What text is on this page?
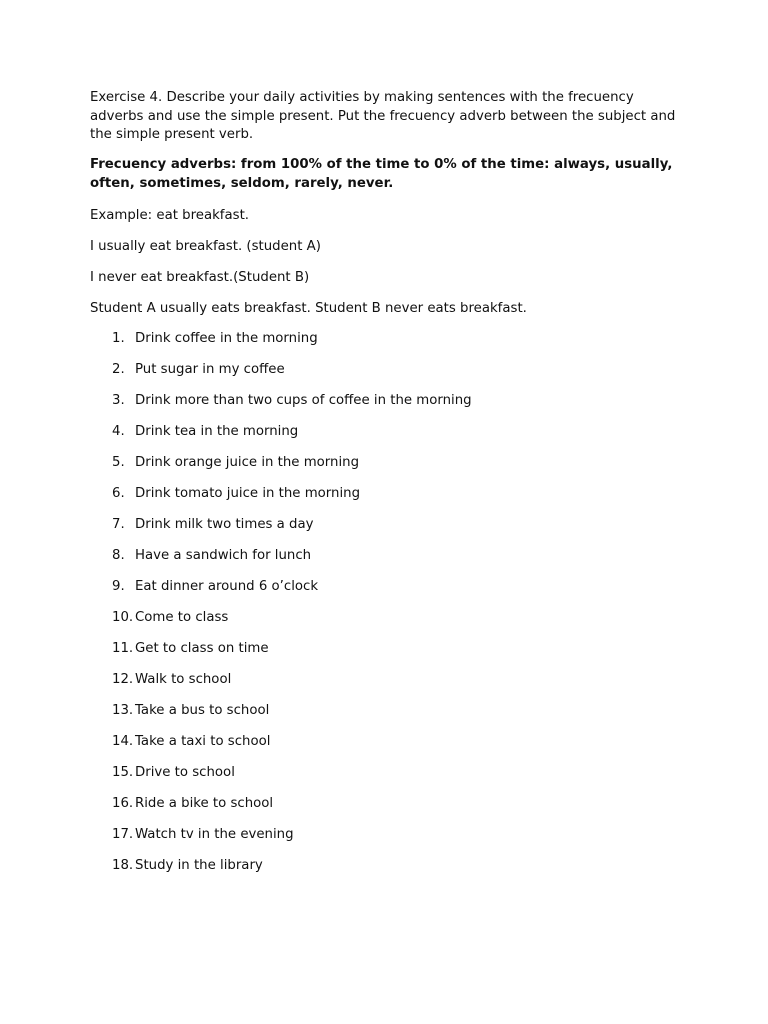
Exercise 4. Describe your daily activities by making sentences with the frecuency adverbs and use the simple present. Put the frecuency adverb between the subject and the simple present verb.

Frecuency adverbs: from 100% of the time to 0% of the time: always, usually, often, sometimes, seldom, rarely, never.

Example: eat breakfast.

I usually eat breakfast. (student A)

I never eat breakfast.(Student B)

Student A usually eats breakfast. Student B never eats breakfast.

1. Drink coffee in the morning
2. Put sugar in my coffee
3. Drink more than two cups of coffee in the morning
4. Drink tea in the morning
5. Drink orange juice in the morning
6. Drink tomato juice in the morning
7. Drink milk two times a day
8. Have a sandwich for lunch
9. Eat dinner around 6 o’clock
10. Come to class
11. Get to class on time
12. Walk to school
13. Take a bus to school
14. Take a taxi to school
15. Drive to school
16. Ride a bike to school
17. Watch tv in the evening
18. Study in the library
